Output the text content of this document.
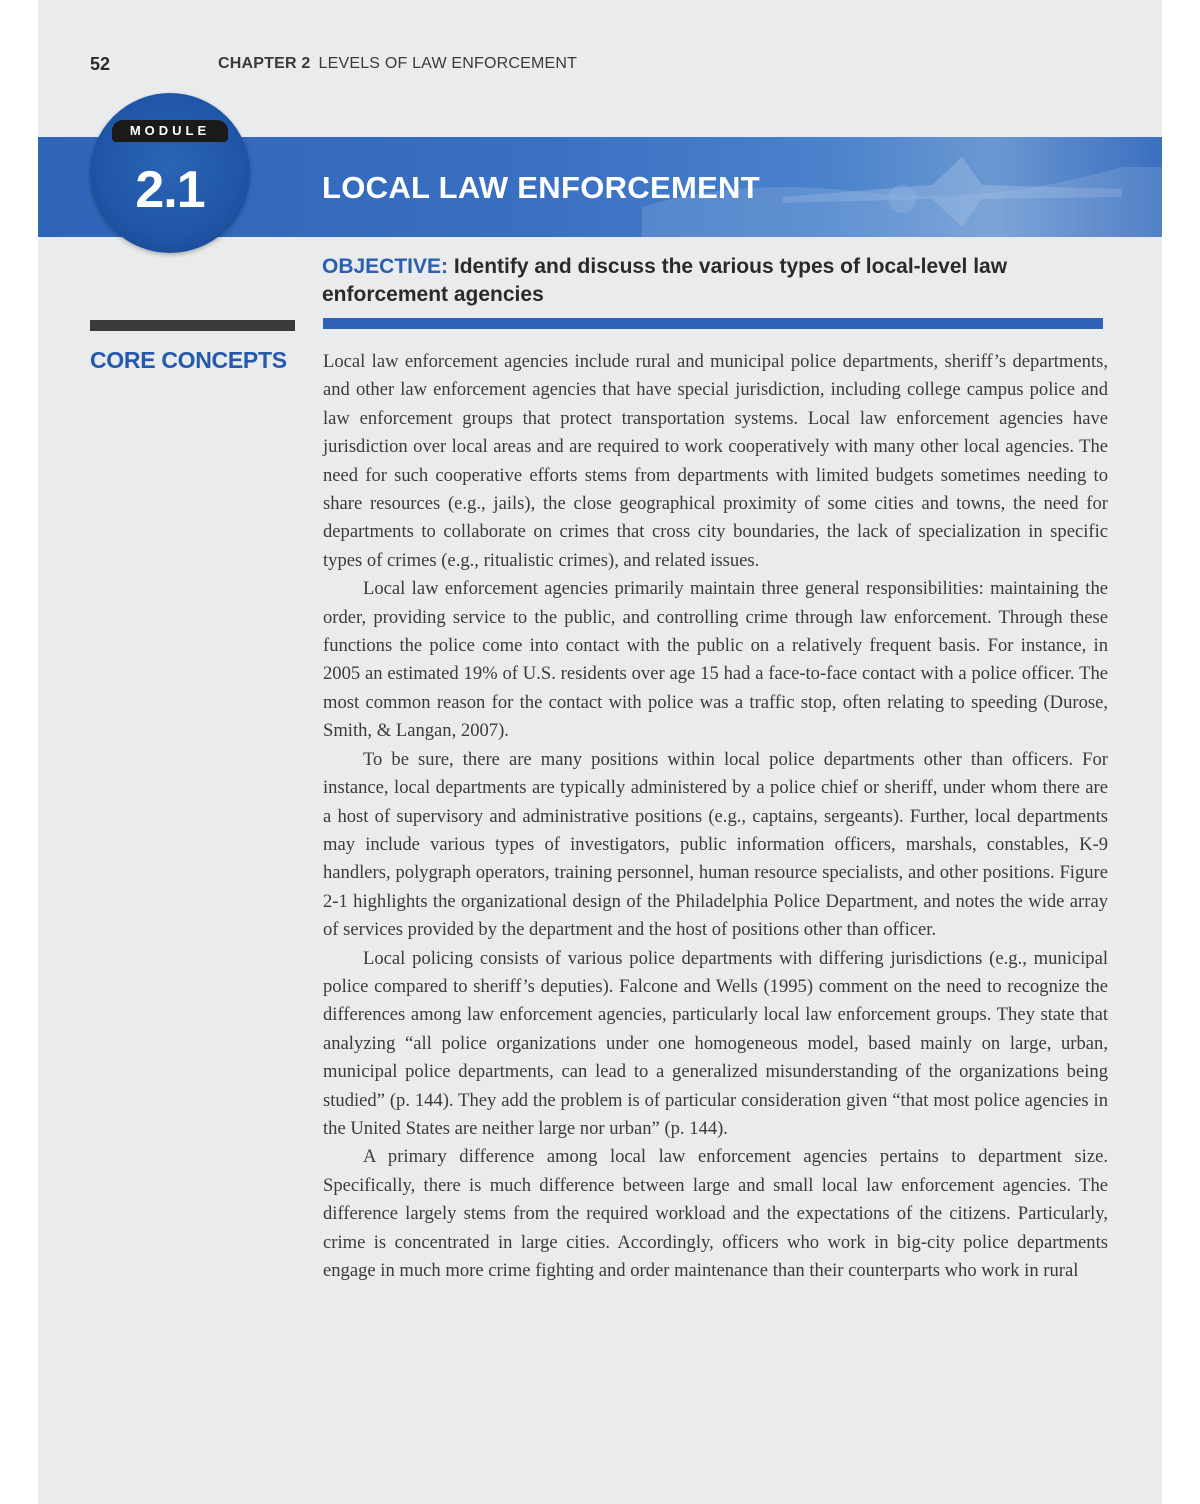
52	CHAPTER 2 LEVELS OF LAW ENFORCEMENT
LOCAL LAW ENFORCEMENT
MODULE
2.1
OBJECTIVE: Identify and discuss the various types of local-level law enforcement agencies
CORE CONCEPTS Local law enforcement agencies include rural and municipal police departments, sheriff’s departments, and other law enforcement agencies that have special jurisdiction, including college campus police and law enforcement groups that protect transportation systems. Local law enforcement agencies have jurisdiction over local areas and are required to work cooperatively with many other local agencies. The need for such cooperative efforts stems from departments with limited budgets sometimes needing to share resources (e.g., jails), the close geographical proximity of some cities and towns, the need for departments to collaborate on crimes that cross city boundaries, the lack of specialization in specific types of crimes (e.g., ritualistic crimes), and related issues.

Local law enforcement agencies primarily maintain three general responsibilities: maintaining the order, providing service to the public, and controlling crime through law enforcement. Through these functions the police come into contact with the public on a relatively frequent basis. For instance, in 2005 an estimated 19% of U.S. residents over age 15 had a face-to-face contact with a police officer. The most common reason for the contact with police was a traffic stop, often relating to speeding (Durose, Smith, & Langan, 2007).

To be sure, there are many positions within local police departments other than officers. For instance, local departments are typically administered by a police chief or sheriff, under whom there are a host of supervisory and administrative positions (e.g., captains, sergeants). Further, local departments may include various types of investigators, public information officers, marshals, constables, K-9 handlers, polygraph operators, training personnel, human resource specialists, and other positions. Figure 2-1 highlights the organizational design of the Philadelphia Police Department, and notes the wide array of services provided by the department and the host of positions other than officer.

Local policing consists of various police departments with differing jurisdictions (e.g., municipal police compared to sheriff’s deputies). Falcone and Wells (1995) comment on the need to recognize the differences among law enforcement agencies, particularly local law enforcement groups. They state that analyzing “all police organizations under one homogeneous model, based mainly on large, urban, municipal police departments, can lead to a generalized misunderstanding of the organizations being studied” (p. 144). They add the problem is of particular consideration given “that most police agencies in the United States are neither large nor urban” (p. 144).

A primary difference among local law enforcement agencies pertains to department size. Specifically, there is much difference between large and small local law enforcement agencies. The difference largely stems from the required workload and the expectations of the citizens. Particularly, crime is concentrated in large cities. Accordingly, officers who work in big-city police departments engage in much more crime fighting and order maintenance than their counterparts who work in rural
